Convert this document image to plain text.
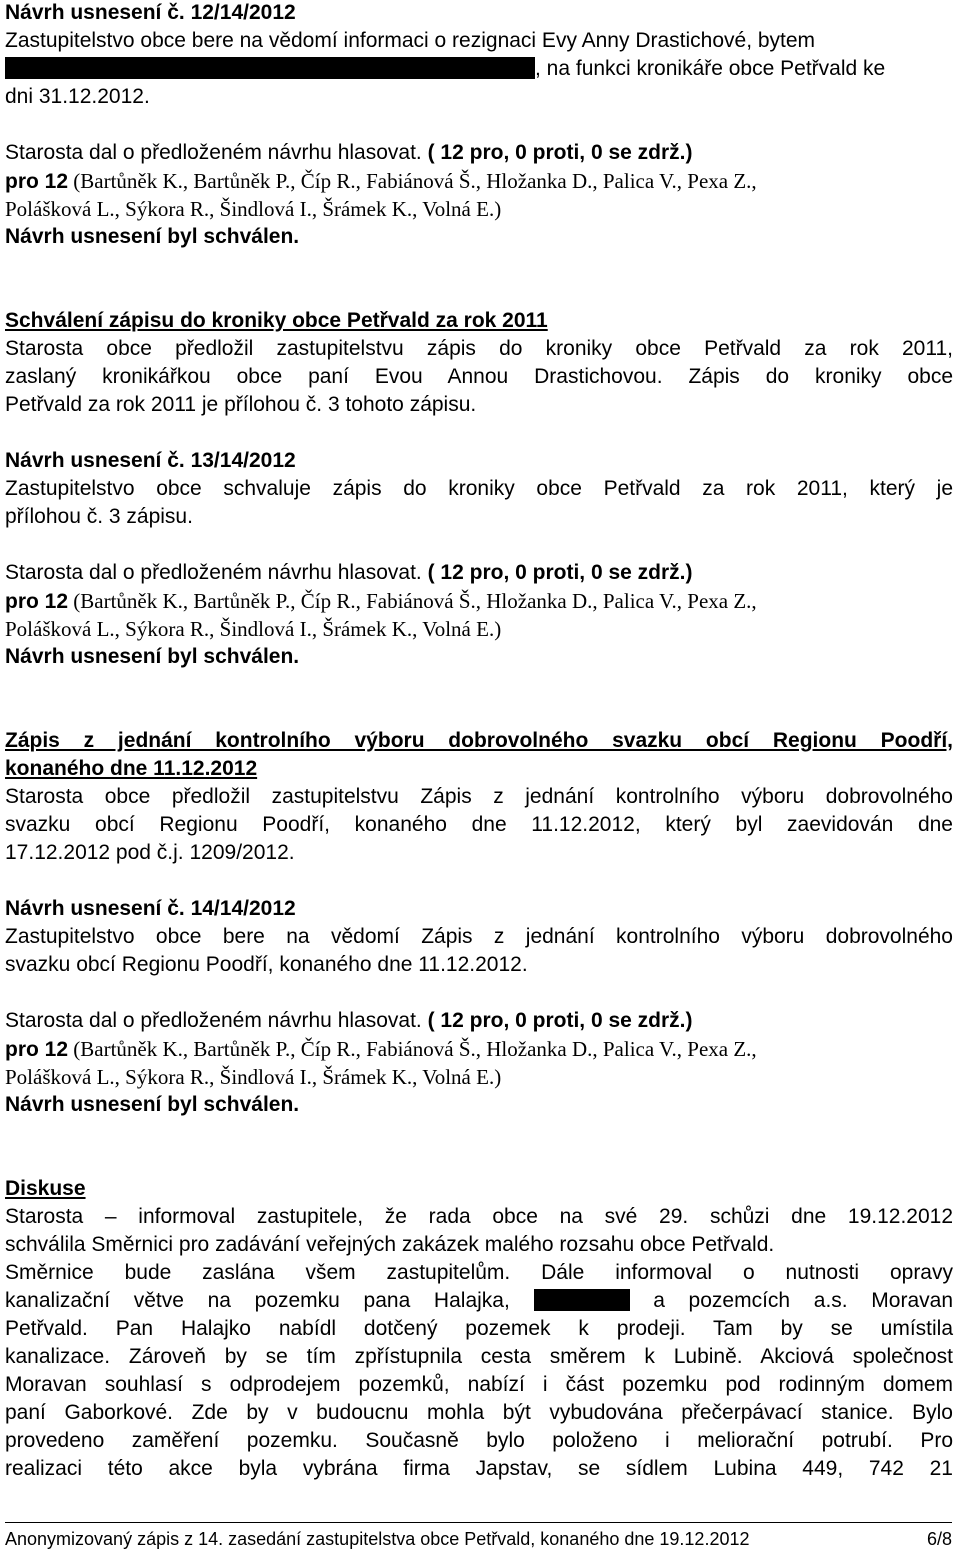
Návrh usnesení č. 12/14/2012
Zastupitelstvo obce bere na vědomí informaci o rezignaci Evy Anny Drastichové, bytem
, na funkci kronikáře obce Petřvald ke
dni 31.12.2012.
Starosta dal o předloženém návrhu hlasovat. ( 12 pro, 0 proti, 0 se zdrž.)
pro 12 (Bartůněk K., Bartůněk P., Číp R., Fabiánová Š., Hložanka D., Palica V., Pexa Z.,
Polášková L., Sýkora R., Šindlová I., Šrámek K., Volná E.)
Návrh usnesení byl schválen.
Schválení zápisu do kroniky obce Petřvald za rok 2011
Starosta obce předložil zastupitelstvu zápis do kroniky obce Petřvald za rok 2011,
zaslaný kronikářkou obce paní Evou Annou Drastichovou. Zápis do kroniky obce
Petřvald za rok 2011 je přílohou č. 3 tohoto zápisu.
Návrh usnesení č. 13/14/2012
Zastupitelstvo obce schvaluje zápis do kroniky obce Petřvald za rok 2011, který je
přílohou č. 3 zápisu.
Starosta dal o předloženém návrhu hlasovat. ( 12 pro, 0 proti, 0 se zdrž.)
pro 12 (Bartůněk K., Bartůněk P., Číp R., Fabiánová Š., Hložanka D., Palica V., Pexa Z.,
Polášková L., Sýkora R., Šindlová I., Šrámek K., Volná E.)
Návrh usnesení byl schválen.
Zápis z jednání kontrolního výboru dobrovolného svazku obcí Regionu Poodří,
konaného dne 11.12.2012
Starosta obce předložil zastupitelstvu Zápis z jednání kontrolního výboru dobrovolného
svazku obcí Regionu Poodří, konaného dne 11.12.2012, který byl zaevidován dne
17.12.2012 pod č.j. 1209/2012.
Návrh usnesení č. 14/14/2012
Zastupitelstvo obce bere na vědomí Zápis z jednání kontrolního výboru dobrovolného
svazku obcí Regionu Poodří, konaného dne 11.12.2012.
Starosta dal o předloženém návrhu hlasovat. ( 12 pro, 0 proti, 0 se zdrž.)
pro 12 (Bartůněk K., Bartůněk P., Číp R., Fabiánová Š., Hložanka D., Palica V., Pexa Z.,
Polášková L., Sýkora R., Šindlová I., Šrámek K., Volná E.)
Návrh usnesení byl schválen.
Diskuse
Starosta – informoval zastupitele, že rada obce na své 29. schůzi dne 19.12.2012
schválila Směrnici pro zadávání veřejných zakázek malého rozsahu obce Petřvald.
Směrnice bude zaslána všem zastupitelům. Dále informoval o nutnosti opravy
kanalizační větve na pozemku pana Halajka,	a pozemcích a.s. Moravan
Petřvald. Pan Halajko nabídl dotčený pozemek k prodeji. Tam by se umístila
kanalizace. Zároveň by se tím zpřístupnila cesta směrem k Lubině. Akciová společnost
Moravan souhlasí s odprodejem pozemků, nabízí i část pozemku pod rodinným domem
paní Gaborkové. Zde by v budoucnu mohla být vybudována přečerpávací stanice. Bylo
provedeno zaměření pozemku. Současně bylo položeno i meliorační potrubí. Pro
realizaci této akce byla vybrána firma Japstav, se sídlem Lubina 449, 742 21
Anonymizovaný zápis z 14. zasedání zastupitelstva obce Petřvald, konaného dne 19.12.2012	6/8
